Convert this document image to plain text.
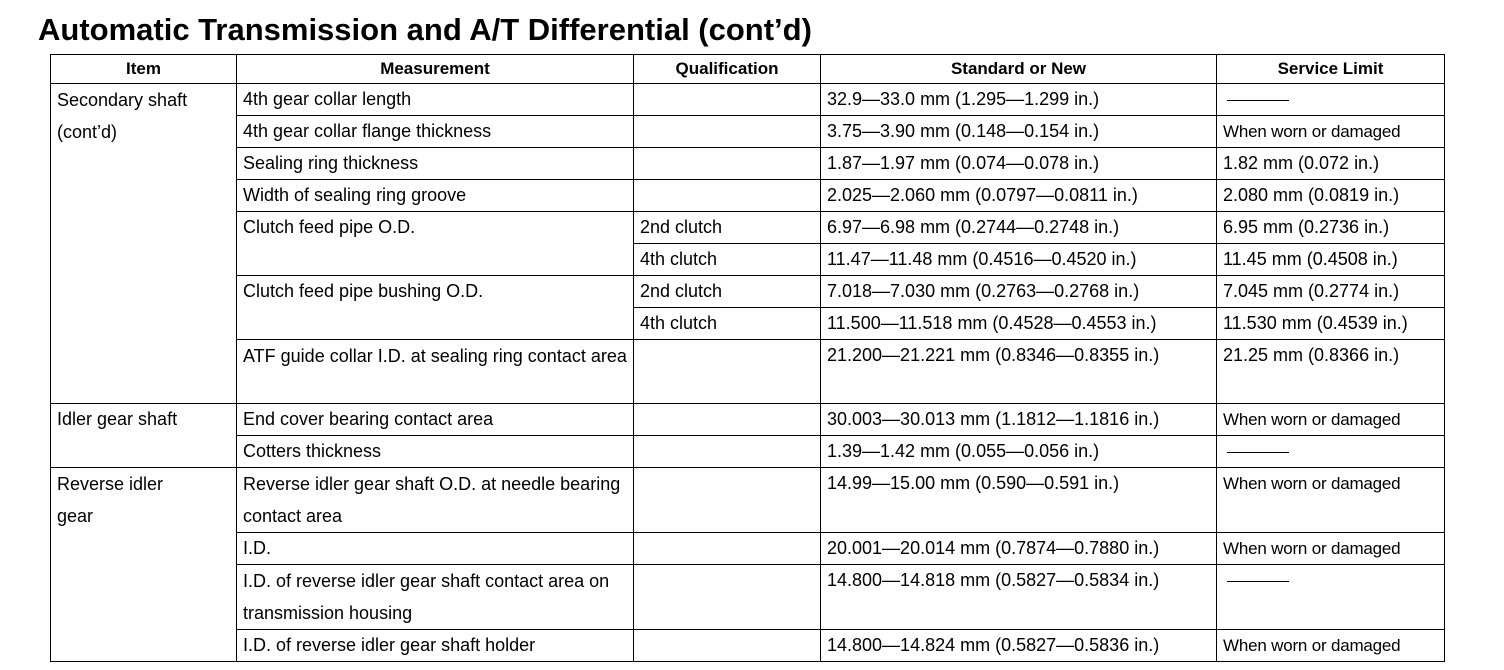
Automatic Transmission and A/T Differential (cont’d)
Item	Measurement	Qualification	Standard or New	Service Limit
Secondary shaft (cont’d)	4th gear collar length		32.9—33.0 mm (1.295—1.299 in.)	
	4th gear collar flange thickness		3.75—3.90 mm (0.148—0.154 in.)	When worn or damaged
	Sealing ring thickness		1.87—1.97 mm (0.074—0.078 in.)	1.82 mm (0.072 in.)
	Width of sealing ring groove		2.025—2.060 mm (0.0797—0.0811 in.)	2.080 mm (0.0819 in.)
	Clutch feed pipe O.D.	2nd clutch	6.97—6.98 mm (0.2744—0.2748 in.)	6.95 mm (0.2736 in.)
		4th clutch	11.47—11.48 mm (0.4516—0.4520 in.)	11.45 mm (0.4508 in.)
	Clutch feed pipe bushing O.D.	2nd clutch	7.018—7.030 mm (0.2763—0.2768 in.)	7.045 mm (0.2774 in.)
		4th clutch	11.500—11.518 mm (0.4528—0.4553 in.)	11.530 mm (0.4539 in.)
	ATF guide collar I.D. at sealing ring contact area		21.200—21.221 mm (0.8346—0.8355 in.)	21.25 mm (0.8366 in.)
Idler gear shaft	End cover bearing contact area		30.003—30.013 mm (1.1812—1.1816 in.)	When worn or damaged
	Cotters thickness		1.39—1.42 mm (0.055—0.056 in.)	

Reverse idler gear	Reverse idler gear shaft O.D. at needle bearing contact area		14.99—15.00 mm (0.590—0.591 in.)	When worn or damaged
	I.D.		20.001—20.014 mm (0.7874—0.7880 in.)	When worn or damaged
	I.D. of reverse idler gear shaft contact area on transmission housing		14.800—14.818 mm (0.5827—0.5834 in.)	
	I.D. of reverse idler gear shaft holder		14.800—14.824 mm (0.5827—0.5836 in.)	When worn or damaged
